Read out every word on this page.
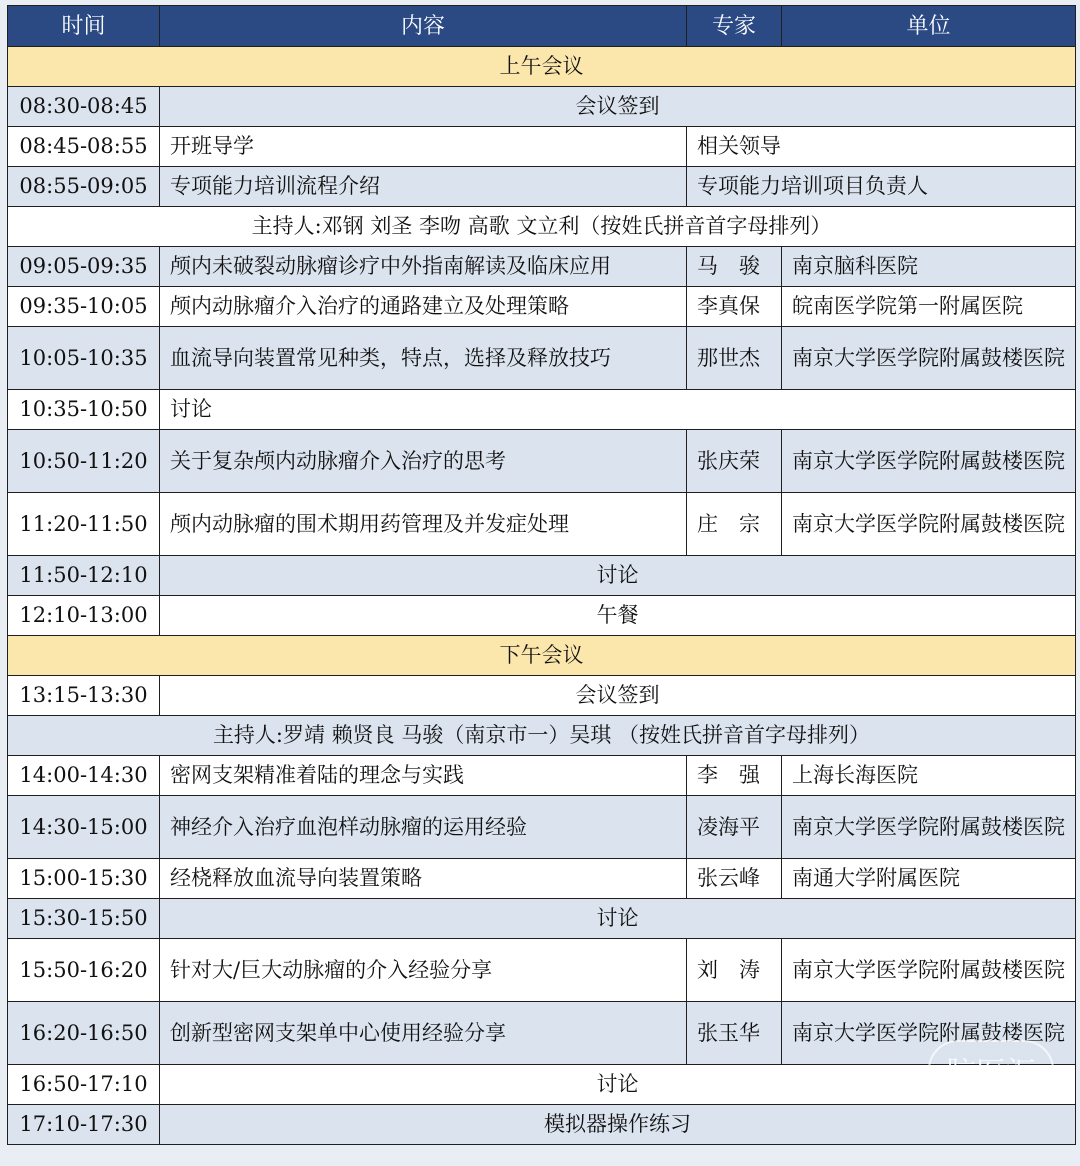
时间	内容	专家	单位
上午会议			
08:30-08:45	会议签到		
08:45-08:55	开班导学	相关领导	
08:55-09:05	专项能力培训流程介绍	专项能力培训项目负责人	
主持人:邓钢 刘圣 李吻 高歌 文立利（按姓氏拼音首字母排列）			
09:05-09:35	颅内未破裂动脉瘤诊疗中外指南解读及临床应用	马　骏	南京脑科医院
09:35-10:05	颅内动脉瘤介入治疗的通路建立及处理策略	李真保	皖南医学院第一附属医院
10:05-10:35	血流导向装置常见种类，特点，选择及释放技巧	那世杰	南京大学医学院附属鼓楼医院
10:35-10:50	讨论		
10:50-11:20	关于复杂颅内动脉瘤介入治疗的思考	张庆荣	南京大学医学院附属鼓楼医院
11:20-11:50	颅内动脉瘤的围术期用药管理及并发症处理	庄　宗	南京大学医学院附属鼓楼医院
11:50-12:10	讨论		
12:10-13:00	午餐		
下午会议			
13:15-13:30	会议签到		
主持人:罗靖 赖贤良 马骏（南京市一）吴琪 （按姓氏拼音首字母排列）			
14:00-14:30	密网支架精准着陆的理念与实践	李　强	上海长海医院
14:30-15:00	神经介入治疗血泡样动脉瘤的运用经验	凌海平	南京大学医学院附属鼓楼医院
15:00-15:30	经桡释放血流导向装置策略	张云峰	南通大学附属医院
15:30-15:50	讨论		
15:50-16:20	针对大/巨大动脉瘤的介入经验分享	刘　涛	南京大学医学院附属鼓楼医院
16:20-16:50	创新型密网支架单中心使用经验分享	张玉华	南京大学医学院附属鼓楼医院
16:50-17:10	讨论		
17:10-17:30	模拟器操作练习		
脑医汇
